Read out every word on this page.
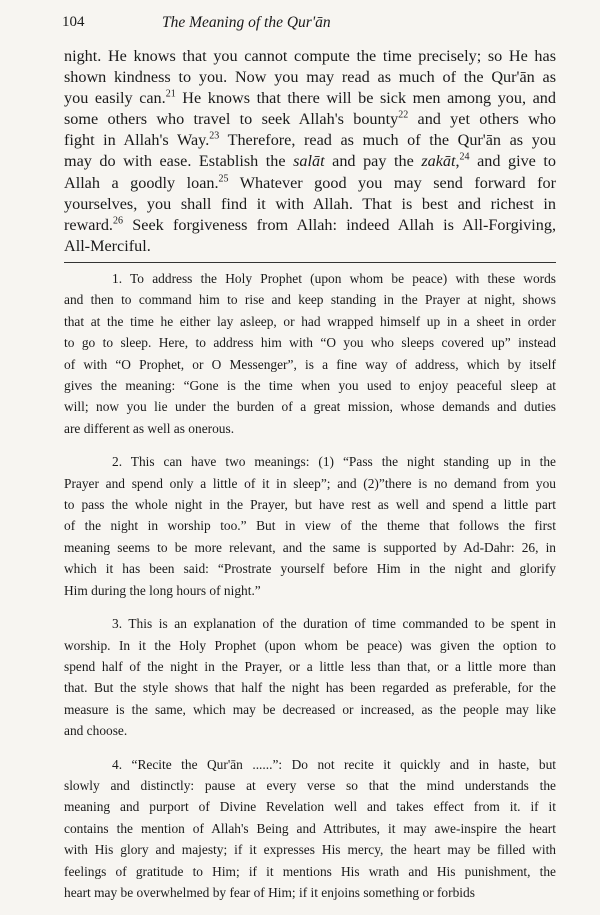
104	The Meaning of the Qur'ān
night. He knows that you cannot compute the time precisely; so He has
shown kindness to you. Now you may read as much of the Qur'ān as
you easily can.$^{21}$ He knows that there will be sick men among you, and
some others who travel to seek Allah's bounty$^{22}$ and yet others who
fight in Allah's Way.$^{23}$ Therefore, read as much of the Qur'ān as you
may do with ease. Establish the salāt and pay the zakāt,$^{24}$ and give to
Allah a goodly loan.$^{25}$ Whatever good you may send forward for
yourselves, you shall find it with Allah. That is best and richest in
reward.$^{26}$ Seek forgiveness from Allah: indeed Allah is All-Forgiving,
All-Merciful.
1. To address the Holy Prophet (upon whom be peace) with these words
and then to command him to rise and keep standing in the Prayer at night, shows
that at the time he either lay asleep, or had wrapped himself up in a sheet in order
to go to sleep. Here, to address him with “O you who sleeps covered up” instead
of with “O Prophet, or O Messenger”, is a fine way of address, which by itself
gives the meaning: “Gone is the time when you used to enjoy peaceful sleep at
will; now you lie under the burden of a great mission, whose demands and duties
are different as well as onerous.
2. This can have two meanings: (1) “Pass the night standing up in the
Prayer and spend only a little of it in sleep”; and (2)”there is no demand from you
to pass the whole night in the Prayer, but have rest as well and spend a little part
of the night in worship too.” But in view of the theme that follows the first
meaning seems to be more relevant, and the same is supported by Ad-Dahr: 26, in
which it has been said: “Prostrate yourself before Him in the night and glorify
Him during the long hours of night.”
3. This is an explanation of the duration of time commanded to be spent in
worship. In it the Holy Prophet (upon whom be peace) was given the option to
spend half of the night in the Prayer, or a little less than that, or a little more than
that. But the style shows that half the night has been regarded as preferable, for the
measure is the same, which may be decreased or increased, as the people may like
and choose.
4. “Recite the Qur'ān ......”: Do not recite it quickly and in haste, but
slowly and distinctly: pause at every verse so that the mind understands the
meaning and purport of Divine Revelation well and takes effect from it. if it
contains the mention of Allah's Being and Attributes, it may awe-inspire the heart
with His glory and majesty; if it expresses His mercy, the heart may be filled with
feelings of gratitude to Him; if it mentions His wrath and His punishment, the
heart may be overwhelmed by fear of Him; if it enjoins something or forbids
